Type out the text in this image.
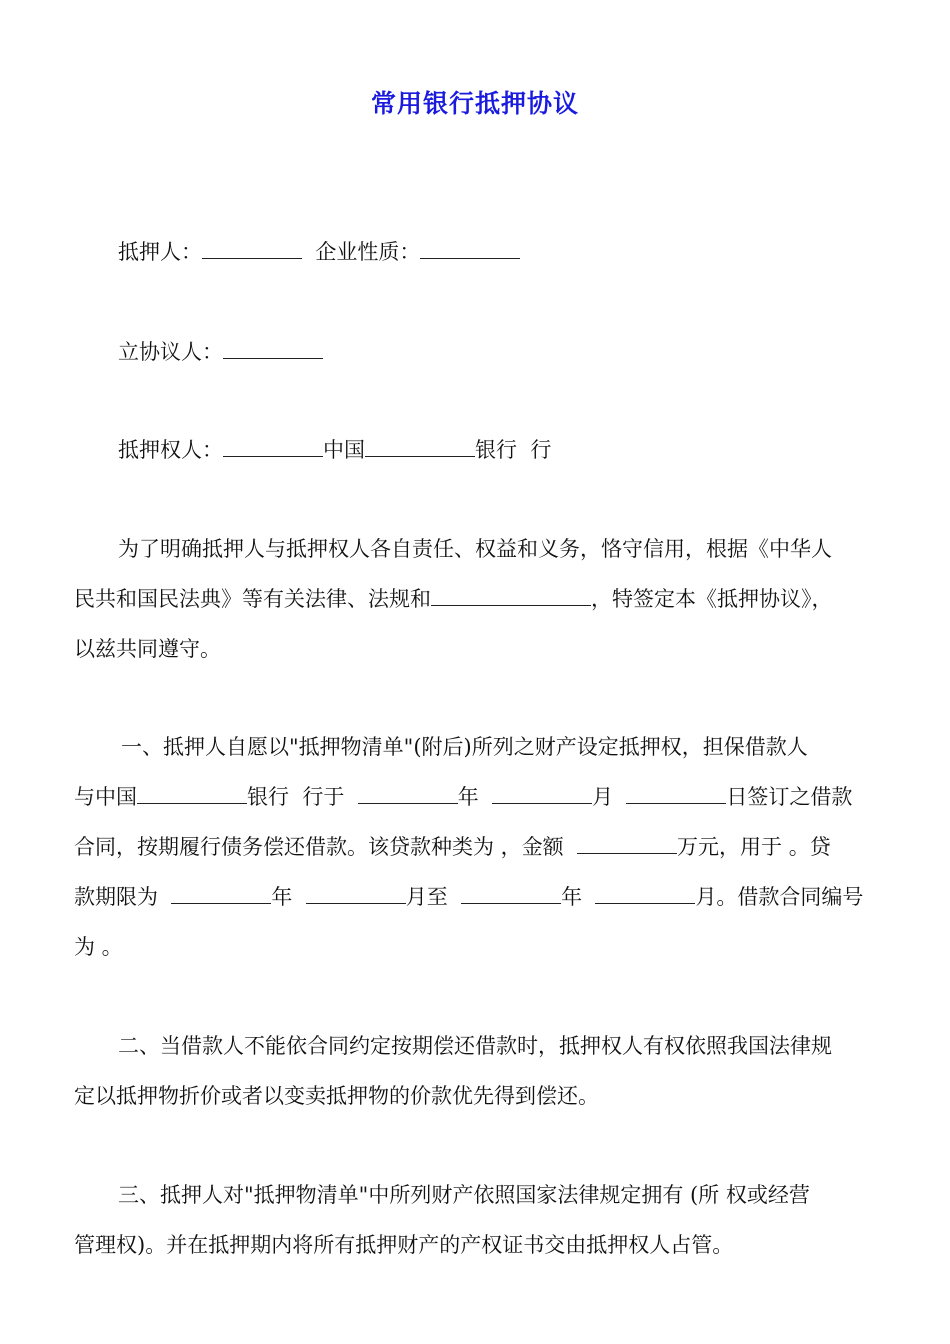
常用银行抵押协议
抵押人：	企业性质：
立协议人：
抵押权人：	中国	银行  行
为了明确抵押人与抵押权人各自责任、权益和义务，恪守信用，根据《中华人
民共和国民法典》等有关法律、法规和	，特签定本《抵押协议》，
以兹共同遵守。
一、抵押人自愿以"抵押物清单"(附后)所列之财产设定抵押权，担保借款人
与中国	银行  行于	年	月	日签订之借款
合同，按期履行债务偿还借款。该贷款种类为 ，金额	万元，用于 。贷
款期限为	年	月至	年	月。借款合同编号
为 。
二、当借款人不能依合同约定按期偿还借款时，抵押权人有权依照我国法律规
定以抵押物折价或者以变卖抵押物的价款优先得到偿还。
三、抵押人对"抵押物清单"中所列财产依照国家法律规定拥有 (所 权或经营
管理权)。并在抵押期内将所有抵押财产的产权证书交由抵押权人占管。
